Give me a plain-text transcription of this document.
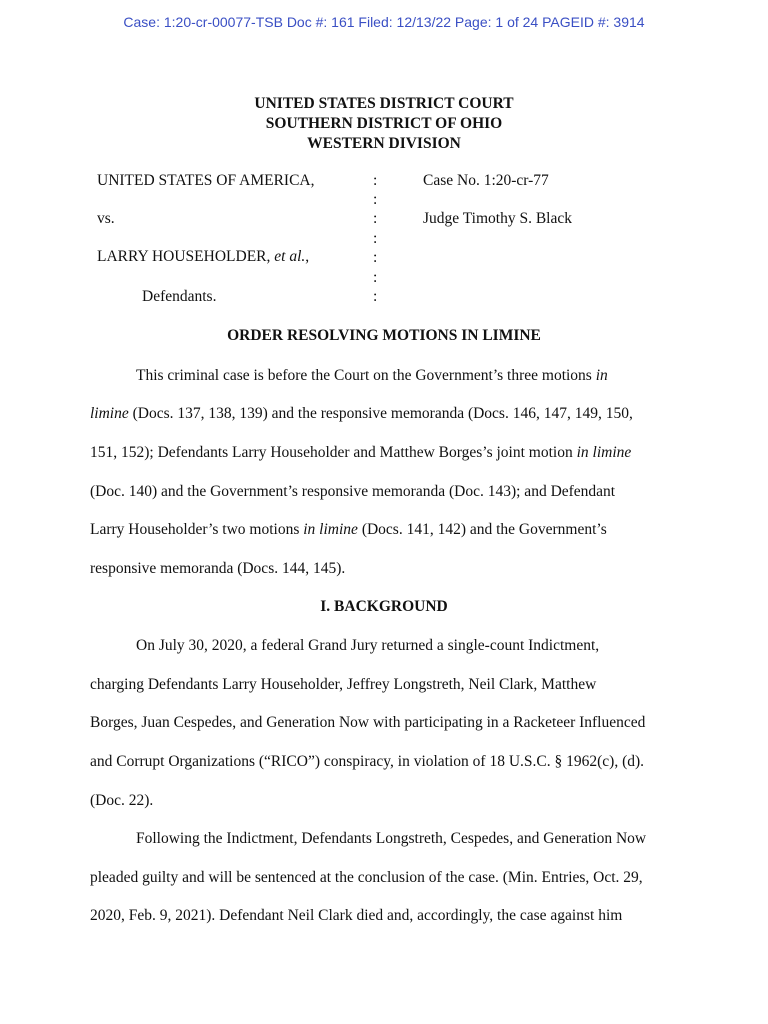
Case: 1:20-cr-00077-TSB Doc #: 161 Filed: 12/13/22 Page: 1 of 24 PAGEID #: 3914
UNITED STATES DISTRICT COURT
SOUTHERN DISTRICT OF OHIO
WESTERN DIVISION
UNITED STATES OF AMERICA,
vs.
LARRY HOUSEHOLDER, et al.,
Defendants.
:
:
:
:
:
:
:
Case No. 1:20-cr-77
Judge Timothy S. Black
ORDER RESOLVING MOTIONS IN LIMINE
This criminal case is before the Court on the Government’s three motions in
limine (Docs. 137, 138, 139) and the responsive memoranda (Docs. 146, 147, 149, 150,
151, 152); Defendants Larry Householder and Matthew Borges’s joint motion in limine
(Doc. 140) and the Government’s responsive memoranda (Doc. 143); and Defendant
Larry Householder’s two motions in limine (Docs. 141, 142) and the Government’s
responsive memoranda (Docs. 144, 145).
I. BACKGROUND
On July 30, 2020, a federal Grand Jury returned a single-count Indictment,
charging Defendants Larry Householder, Jeffrey Longstreth, Neil Clark, Matthew
Borges, Juan Cespedes, and Generation Now with participating in a Racketeer Influenced
and Corrupt Organizations (“RICO”) conspiracy, in violation of 18 U.S.C. § 1962(c), (d).
(Doc. 22).
Following the Indictment, Defendants Longstreth, Cespedes, and Generation Now
pleaded guilty and will be sentenced at the conclusion of the case. (Min. Entries, Oct. 29,
2020, Feb. 9, 2021). Defendant Neil Clark died and, accordingly, the case against him
